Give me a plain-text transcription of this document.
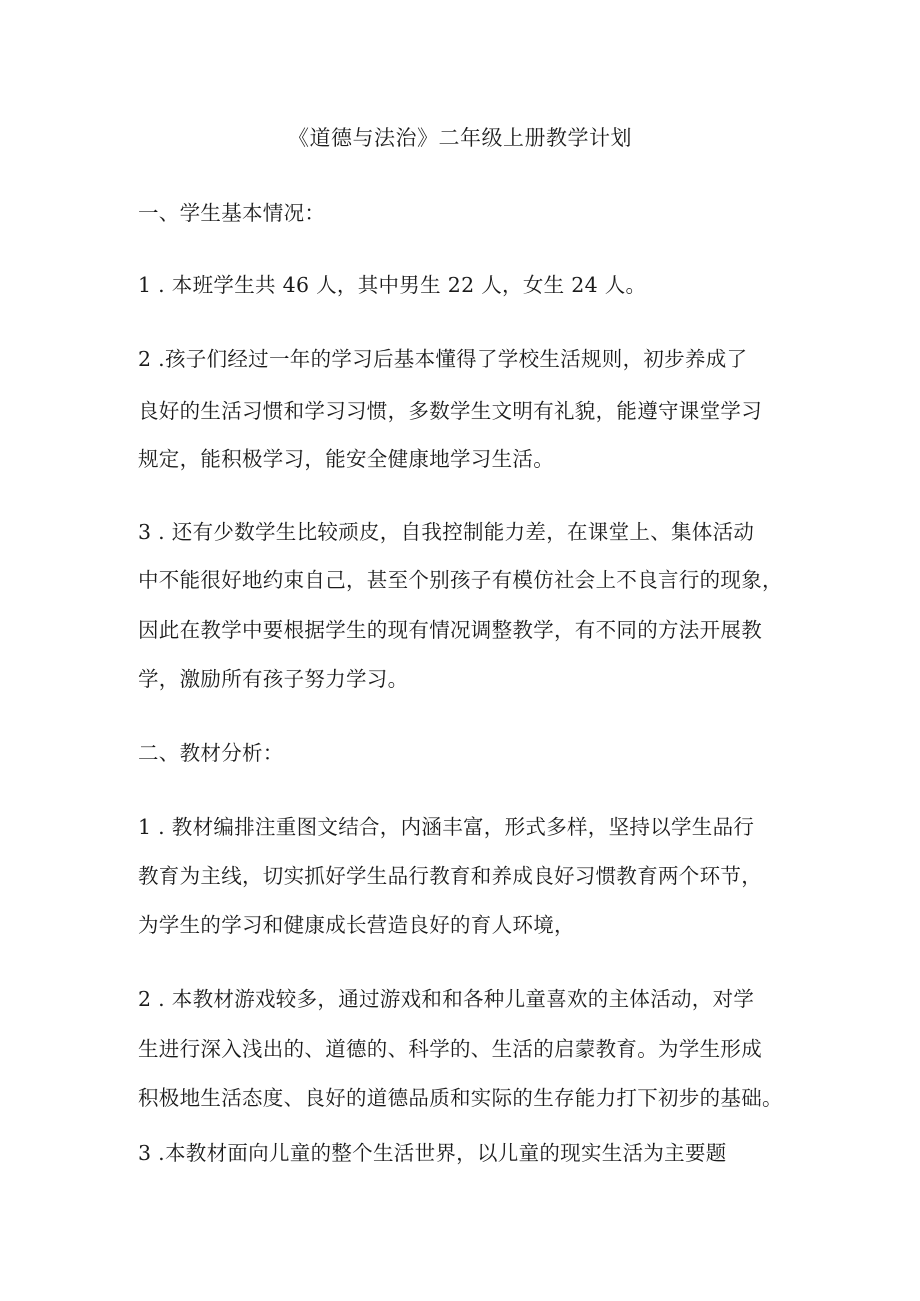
《道德与法治》二年级上册教学计划
一、学生基本情况：
1 . 本班学生共 46 人，其中男生 22 人，女生 24 人。
2 .孩子们经过一年的学习后基本懂得了学校生活规则，初步养成了
良好的生活习惯和学习习惯，多数学生文明有礼貌，能遵守课堂学习
规定，能积极学习，能安全健康地学习生活。
3 . 还有少数学生比较顽皮，自我控制能力差，在课堂上、集体活动
中不能很好地约束自己，甚至个别孩子有模仿社会上不良言行的现象，
因此在教学中要根据学生的现有情况调整教学，有不同的方法开展教
学，激励所有孩子努力学习。
二、教材分析：
1 . 教材编排注重图文结合，内涵丰富，形式多样，坚持以学生品行
教育为主线，切实抓好学生品行教育和养成良好习惯教育两个环节，
为学生的学习和健康成长营造良好的育人环境，
2 . 本教材游戏较多，通过游戏和和各种儿童喜欢的主体活动，对学
生进行深入浅出的、道德的、科学的、生活的启蒙教育。为学生形成
积极地生活态度、良好的道德品质和实际的生存能力打下初步的基础。
3 .本教材面向儿童的整个生活世界，以儿童的现实生活为主要题
